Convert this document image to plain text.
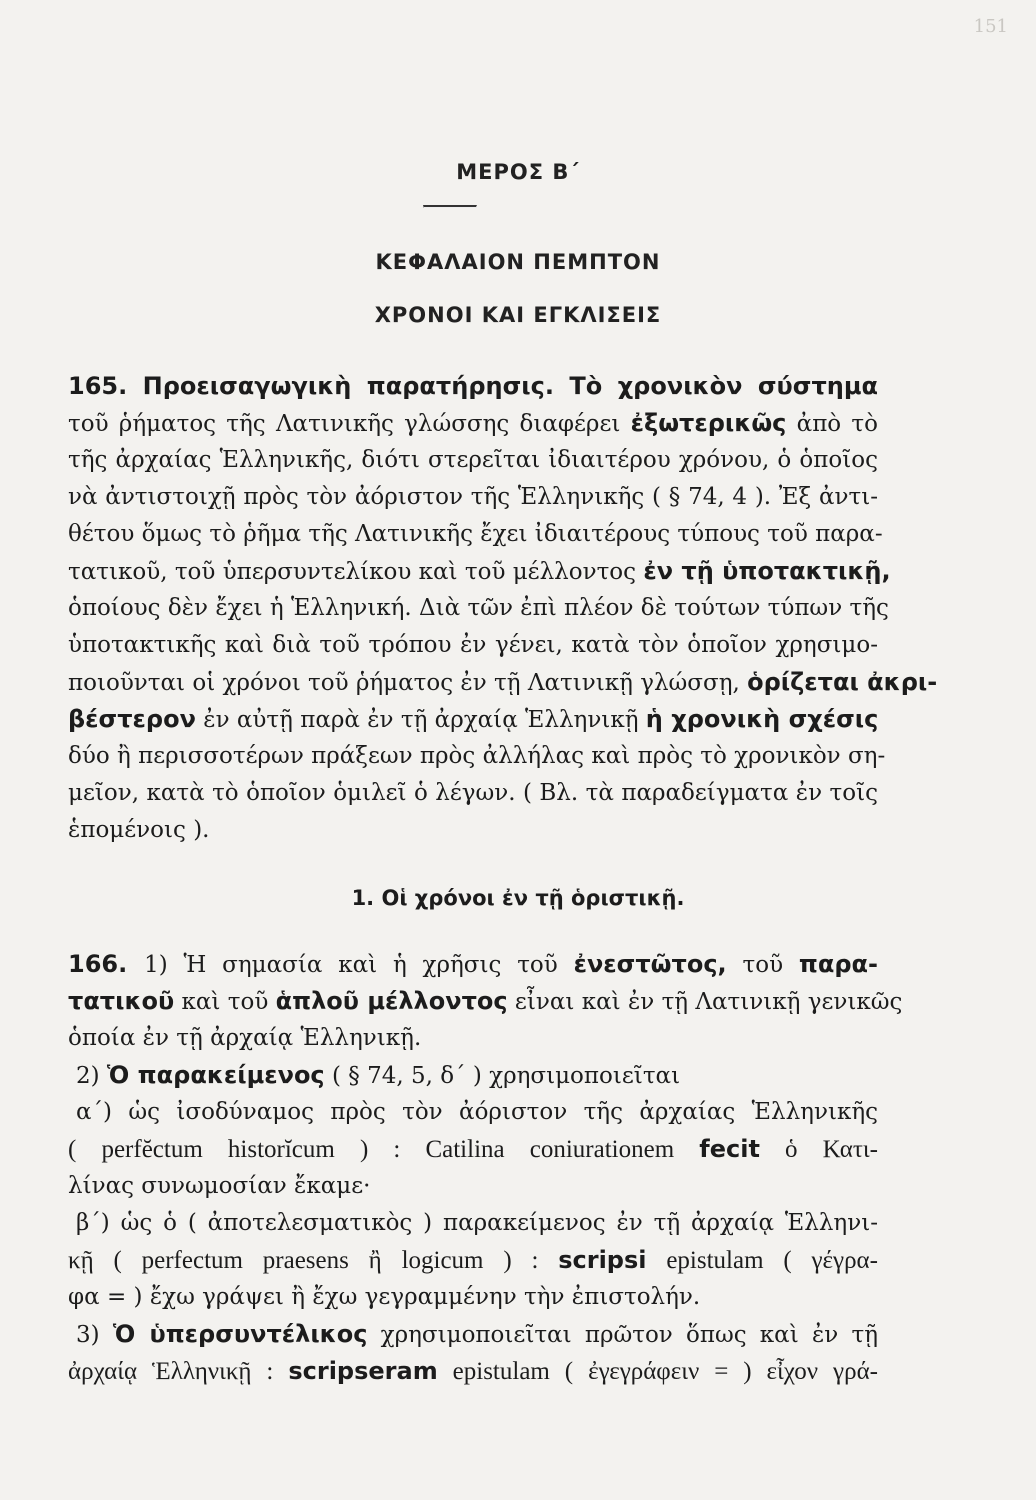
151
ΜΕΡΟΣ Β΄
ΚΕΦΑΛΑΙΟΝ ΠΕΜΠΤΟΝ
ΧΡΟΝΟΙ ΚΑΙ ΕΓΚΛΙΣΕΙΣ
165. Προεισαγωγικὴ παρατήρησις. Τὸ χρονικὸν σύστημα
τοῦ ῥήματος τῆς Λατινικῆς γλώσσης διαφέρει ἐξωτερικῶς ἀπὸ τὸ
τῆς ἀρχαίας Ἑλληνικῆς, διότι στερεῖται ἰδιαιτέρου χρόνου, ὁ ὁποῖος
νὰ ἀντιστοιχῇ πρὸς τὸν ἀόριστον τῆς Ἑλληνικῆς ( § 74, 4 ). Ἐξ ἀντι-
θέτου ὅμως τὸ ῥῆμα τῆς Λατινικῆς ἔχει ἰδιαιτέρους τύπους τοῦ παρα-
τατικοῦ, τοῦ ὑπερσυντελίκου καὶ τοῦ μέλλοντος ἐν τῇ ὑποτακτικῇ,
ὁποίους δὲν ἔχει ἡ Ἑλληνική. Διὰ τῶν ἐπὶ πλέον δὲ τούτων τύπων τῆς
ὑποτακτικῆς καὶ διὰ τοῦ τρόπου ἐν γένει, κατὰ τὸν ὁποῖον χρησιμο-
ποιοῦνται οἱ χρόνοι τοῦ ῥήματος ἐν τῇ Λατινικῇ γλώσσῃ, ὁρίζεται ἀκρι-
βέστερον ἐν αὐτῇ παρὰ ἐν τῇ ἀρχαίᾳ Ἑλληνικῇ ἡ χρονικὴ σχέσις
δύο ἢ περισσοτέρων πράξεων πρὸς ἀλλήλας καὶ πρὸς τὸ χρονικὸν ση-
μεῖον, κατὰ τὸ ὁποῖον ὁμιλεῖ ὁ λέγων. ( Βλ. τὰ παραδείγματα ἐν τοῖς
ἑπομένοις ).
1. Οἱ χρόνοι ἐν τῇ ὁριστικῇ.
166. 1) Ἡ σημασία καὶ ἡ χρῆσις τοῦ ἐνεστῶτος, τοῦ παρα-
τατικοῦ καὶ τοῦ ἁπλοῦ μέλλοντος εἶναι καὶ ἐν τῇ Λατινικῇ γενικῶς
ὁποία ἐν τῇ ἀρχαίᾳ Ἑλληνικῇ.
2) Ὁ παρακείμενος ( § 74, 5, δ΄ ) χρησιμοποιεῖται
α΄) ὡς ἰσοδύναμος πρὸς τὸν ἀόριστον τῆς ἀρχαίας Ἑλληνικῆς
( perfĕctum historĭcum ) : Catilina coniurationem fecit ὁ Κατι-
λίνας συνωμοσίαν ἔκαμε·
β΄) ὡς ὁ ( ἀποτελεσματικὸς ) παρακείμενος ἐν τῇ ἀρχαίᾳ Ἑλληνι-
κῇ ( perfectum praesens ἢ logicum ) : scripsi epistulam ( γέγρα-
φα = ) ἔχω γράψει ἢ ἔχω γεγραμμένην τὴν ἐπιστολήν.
3) Ὁ ὑπερσυντέλικος χρησιμοποιεῖται πρῶτον ὅπως καὶ ἐν τῇ
ἀρχαίᾳ Ἑλληνικῇ : scripseram epistulam ( ἐγεγράφειν = ) εἶχον γρά-
